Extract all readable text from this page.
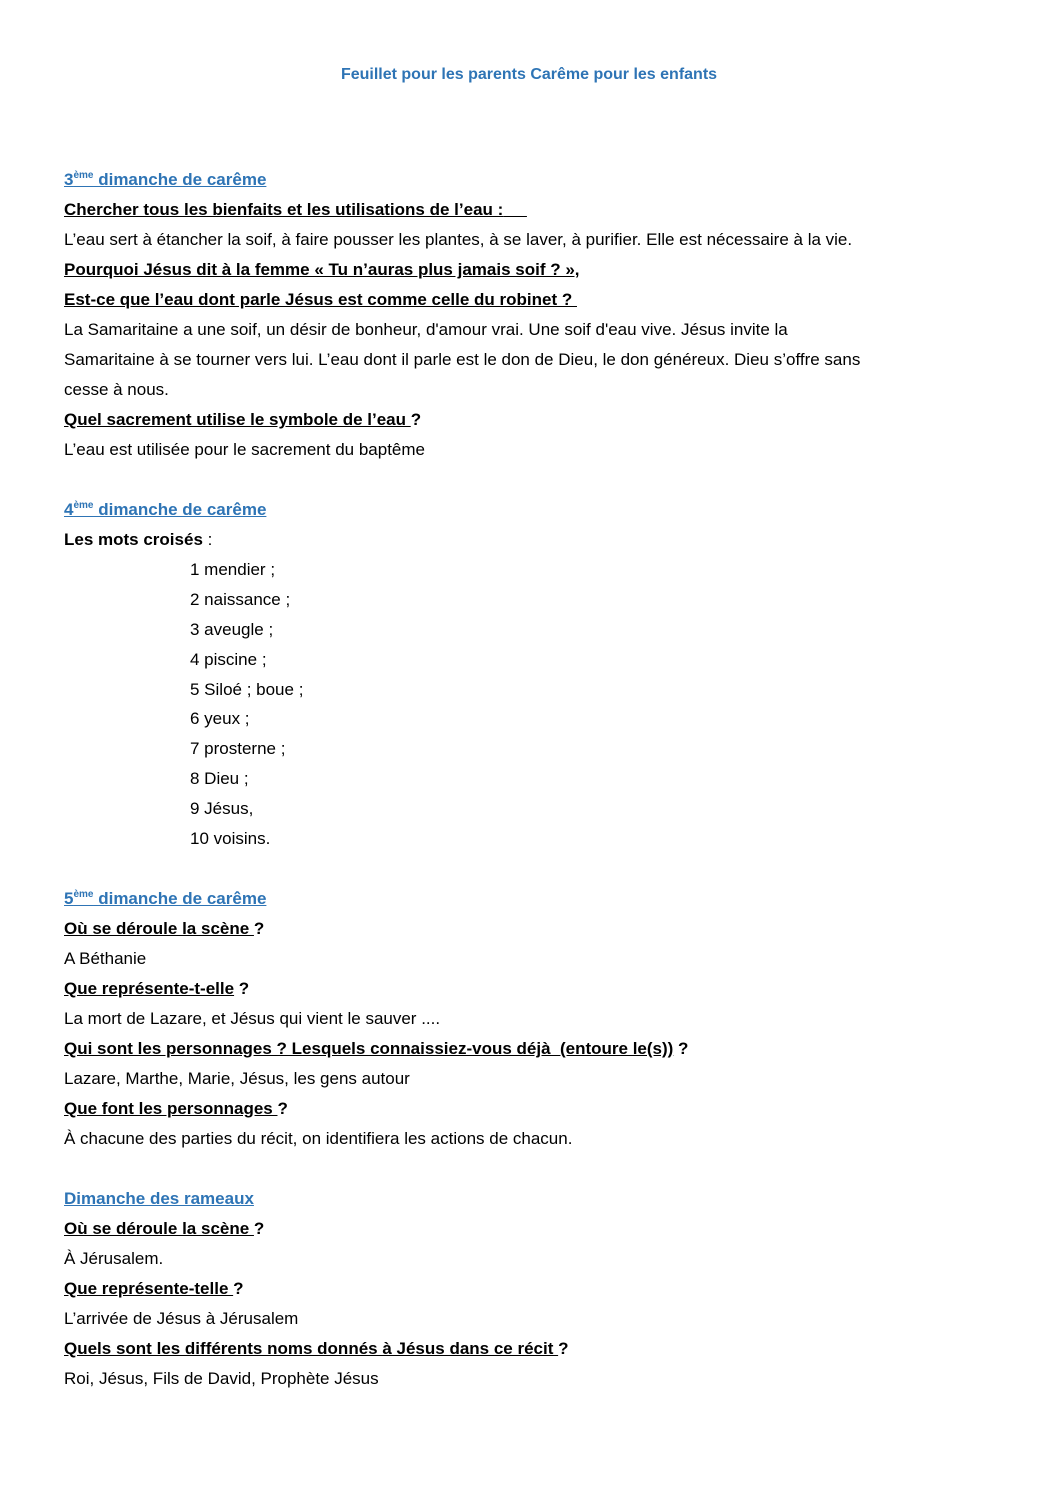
Feuillet pour les parents Carême pour les enfants

3ème dimanche de carême

Chercher tous les bienfaits et les utilisations de l’eau :

L’eau sert à étancher la soif, à faire pousser les plantes, à se laver, à purifier. Elle est nécessaire à la vie.

Pourquoi Jésus dit à la femme « Tu n’auras plus jamais soif ? »,

Est-ce que l’eau dont parle Jésus est comme celle du robinet ?

La Samaritaine a une soif, un désir de bonheur, d'amour vrai. Une soif d'eau vive. Jésus invite la

Samaritaine à se tourner vers lui. L’eau dont il parle est le don de Dieu, le don généreux. Dieu s’offre sans

cesse à nous.

Quel sacrement utilise le symbole de l’eau ?

L’eau est utilisée pour le sacrement du baptême

4ème dimanche de carême

Les mots croisés :

1 mendier ;

2 naissance ;

3 aveugle ;

4 piscine ;

5 Siloé ; boue ;

6 yeux ;

7 prosterne ;

8 Dieu ;

9 Jésus,

10 voisins.

5ème dimanche de carême

Où se déroule la scène ?

A Béthanie

Que représente-t-elle ?

La mort de Lazare, et Jésus qui vient le sauver ....

Qui sont les personnages ? Lesquels connaissiez-vous déjà  (entoure le(s)) ?

Lazare, Marthe, Marie, Jésus, les gens autour

Que font les personnages ?

À chacune des parties du récit, on identifiera les actions de chacun.

Dimanche des rameaux

Où se déroule la scène ?

À Jérusalem.

Que représente-telle ?

L’arrivée de Jésus à Jérusalem

Quels sont les différents noms donnés à Jésus dans ce récit ?

Roi, Jésus, Fils de David, Prophète Jésus
